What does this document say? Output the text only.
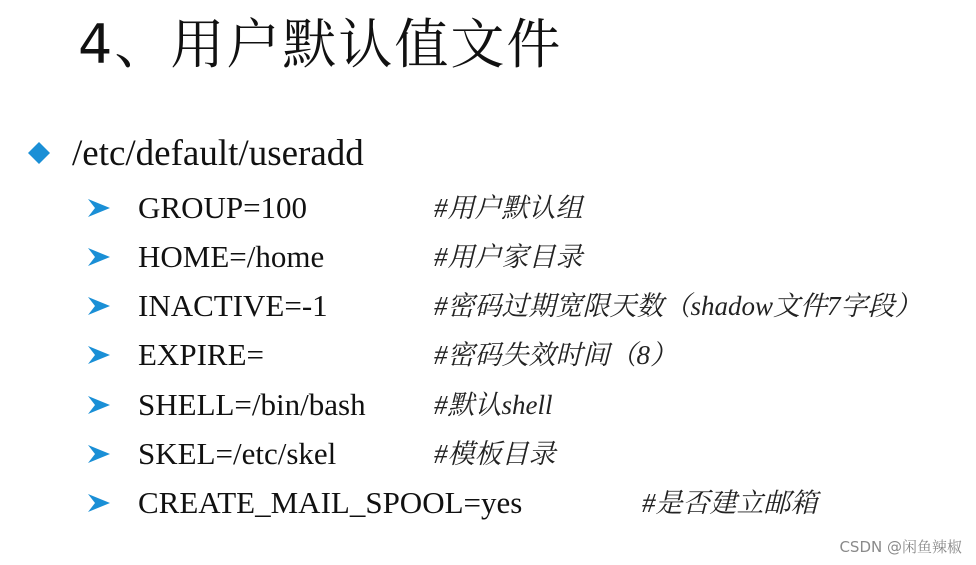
4、用户默认值文件
/etc/default/useradd
GROUP=100	#用户默认组
HOME=/home	#用户家目录
INACTIVE=-1	#密码过期宽限天数（shadow文件7字段）
EXPIRE=	#密码失效时间（8）
SHELL=/bin/bash	#默认shell
SKEL=/etc/skel	#模板目录
CREATE_MAIL_SPOOL=yes	#是否建立邮箱
CSDN @闲鱼辣椒
